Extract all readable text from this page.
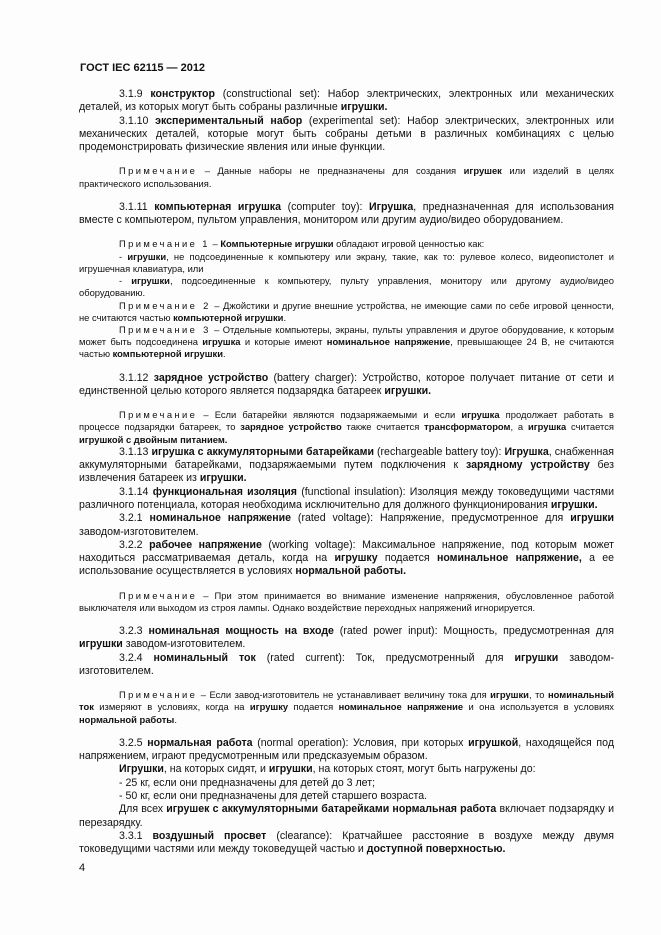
ГОСТ IEC 62115 — 2012

3.1.9 конструктор (constructional set): Набор электрических, электронных или механических деталей, из которых могут быть собраны различные игрушки.

3.1.10 экспериментальный набор (experimental set): Набор электрических, электронных или механических деталей, которые могут быть собраны детьми в различных комбинациях с целью продемонстрировать физические явления или иные функции.

Примечание – Данные наборы не предназначены для создания игрушек или изделий в целях практического использования.

3.1.11 компьютерная игрушка (computer toy): Игрушка, предназначенная для использования вместе с компьютером, пультом управления, монитором или другим аудио/видео оборудованием.

Примечание 1 – Компьютерные игрушки обладают игровой ценностью как:

- игрушки, не подсоединенные к компьютеру или экрану, такие, как то: рулевое колесо, видеопистолет и игрушечная клавиатура, или

- игрушки, подсоединенные к компьютеру, пульту управления, монитору или другому аудио/видео оборудованию.

Примечание 2 – Джойстики и другие внешние устройства, не имеющие сами по себе игровой ценности, не считаются частью компьютерной игрушки.

Примечание 3 – Отдельные компьютеры, экраны, пульты управления и другое оборудование, к которым может быть подсоединена игрушка и которые имеют номинальное напряжение, превышающее 24 В, не считаются частью компьютерной игрушки.

3.1.12 зарядное устройство (battery charger): Устройство, которое получает питание от сети и единственной целью которого является подзарядка батареек игрушки.

Примечание – Если батарейки являются подзаряжаемыми и если игрушка продолжает работать в процессе подзарядки батареек, то зарядное устройство также считается трансформатором, а игрушка считается игрушкой с двойным питанием.

3.1.13 игрушка с аккумуляторными батарейками (rechargeable battery toy): Игрушка, снабженная аккумуляторными батарейками, подзаряжаемыми путем подключения к зарядному устройству без извлечения батареек из игрушки.

3.1.14 функциональная изоляция (functional insulation): Изоляция между токоведущими частями различного потенциала, которая необходима исключительно для должного функционирования игрушки.

3.2.1 номинальное напряжение (rated voltage): Напряжение, предусмотренное для игрушки заводом-изготовителем.

3.2.2 рабочее напряжение (working voltage): Максимальное напряжение, под которым может находиться рассматриваемая деталь, когда на игрушку подается номинальное напряжение, а ее использование осуществляется в условиях нормальной работы.

Примечание – При этом принимается во внимание изменение напряжения, обусловленное работой выключателя или выходом из строя лампы. Однако воздействие переходных напряжений игнорируется.

3.2.3 номинальная мощность на входе (rated power input): Мощность, предусмотренная для игрушки заводом-изготовителем.

3.2.4 номинальный ток (rated current): Ток, предусмотренный для игрушки заводом-изготовителем.

Примечание – Если завод-изготовитель не устанавливает величину тока для игрушки, то номинальный ток измеряют в условиях, когда на игрушку подается номинальное напряжение и она используется в условиях нормальной работы.

3.2.5 нормальная работа (normal operation): Условия, при которых игрушкой, находящейся под напряжением, играют предусмотренным или предсказуемым образом.

Игрушки, на которых сидят, и игрушки, на которых стоят, могут быть нагружены до:

- 25 кг, если они предназначены для детей до 3 лет;

- 50 кг, если они предназначены для детей старшего возраста.

Для всех игрушек с аккумуляторными батарейками нормальная работа включает подзарядку и перезарядку.

3.3.1 воздушный просвет (clearance): Кратчайшее расстояние в воздухе между двумя токоведущими частями или между токоведущей частью и доступной поверхностью.

4
